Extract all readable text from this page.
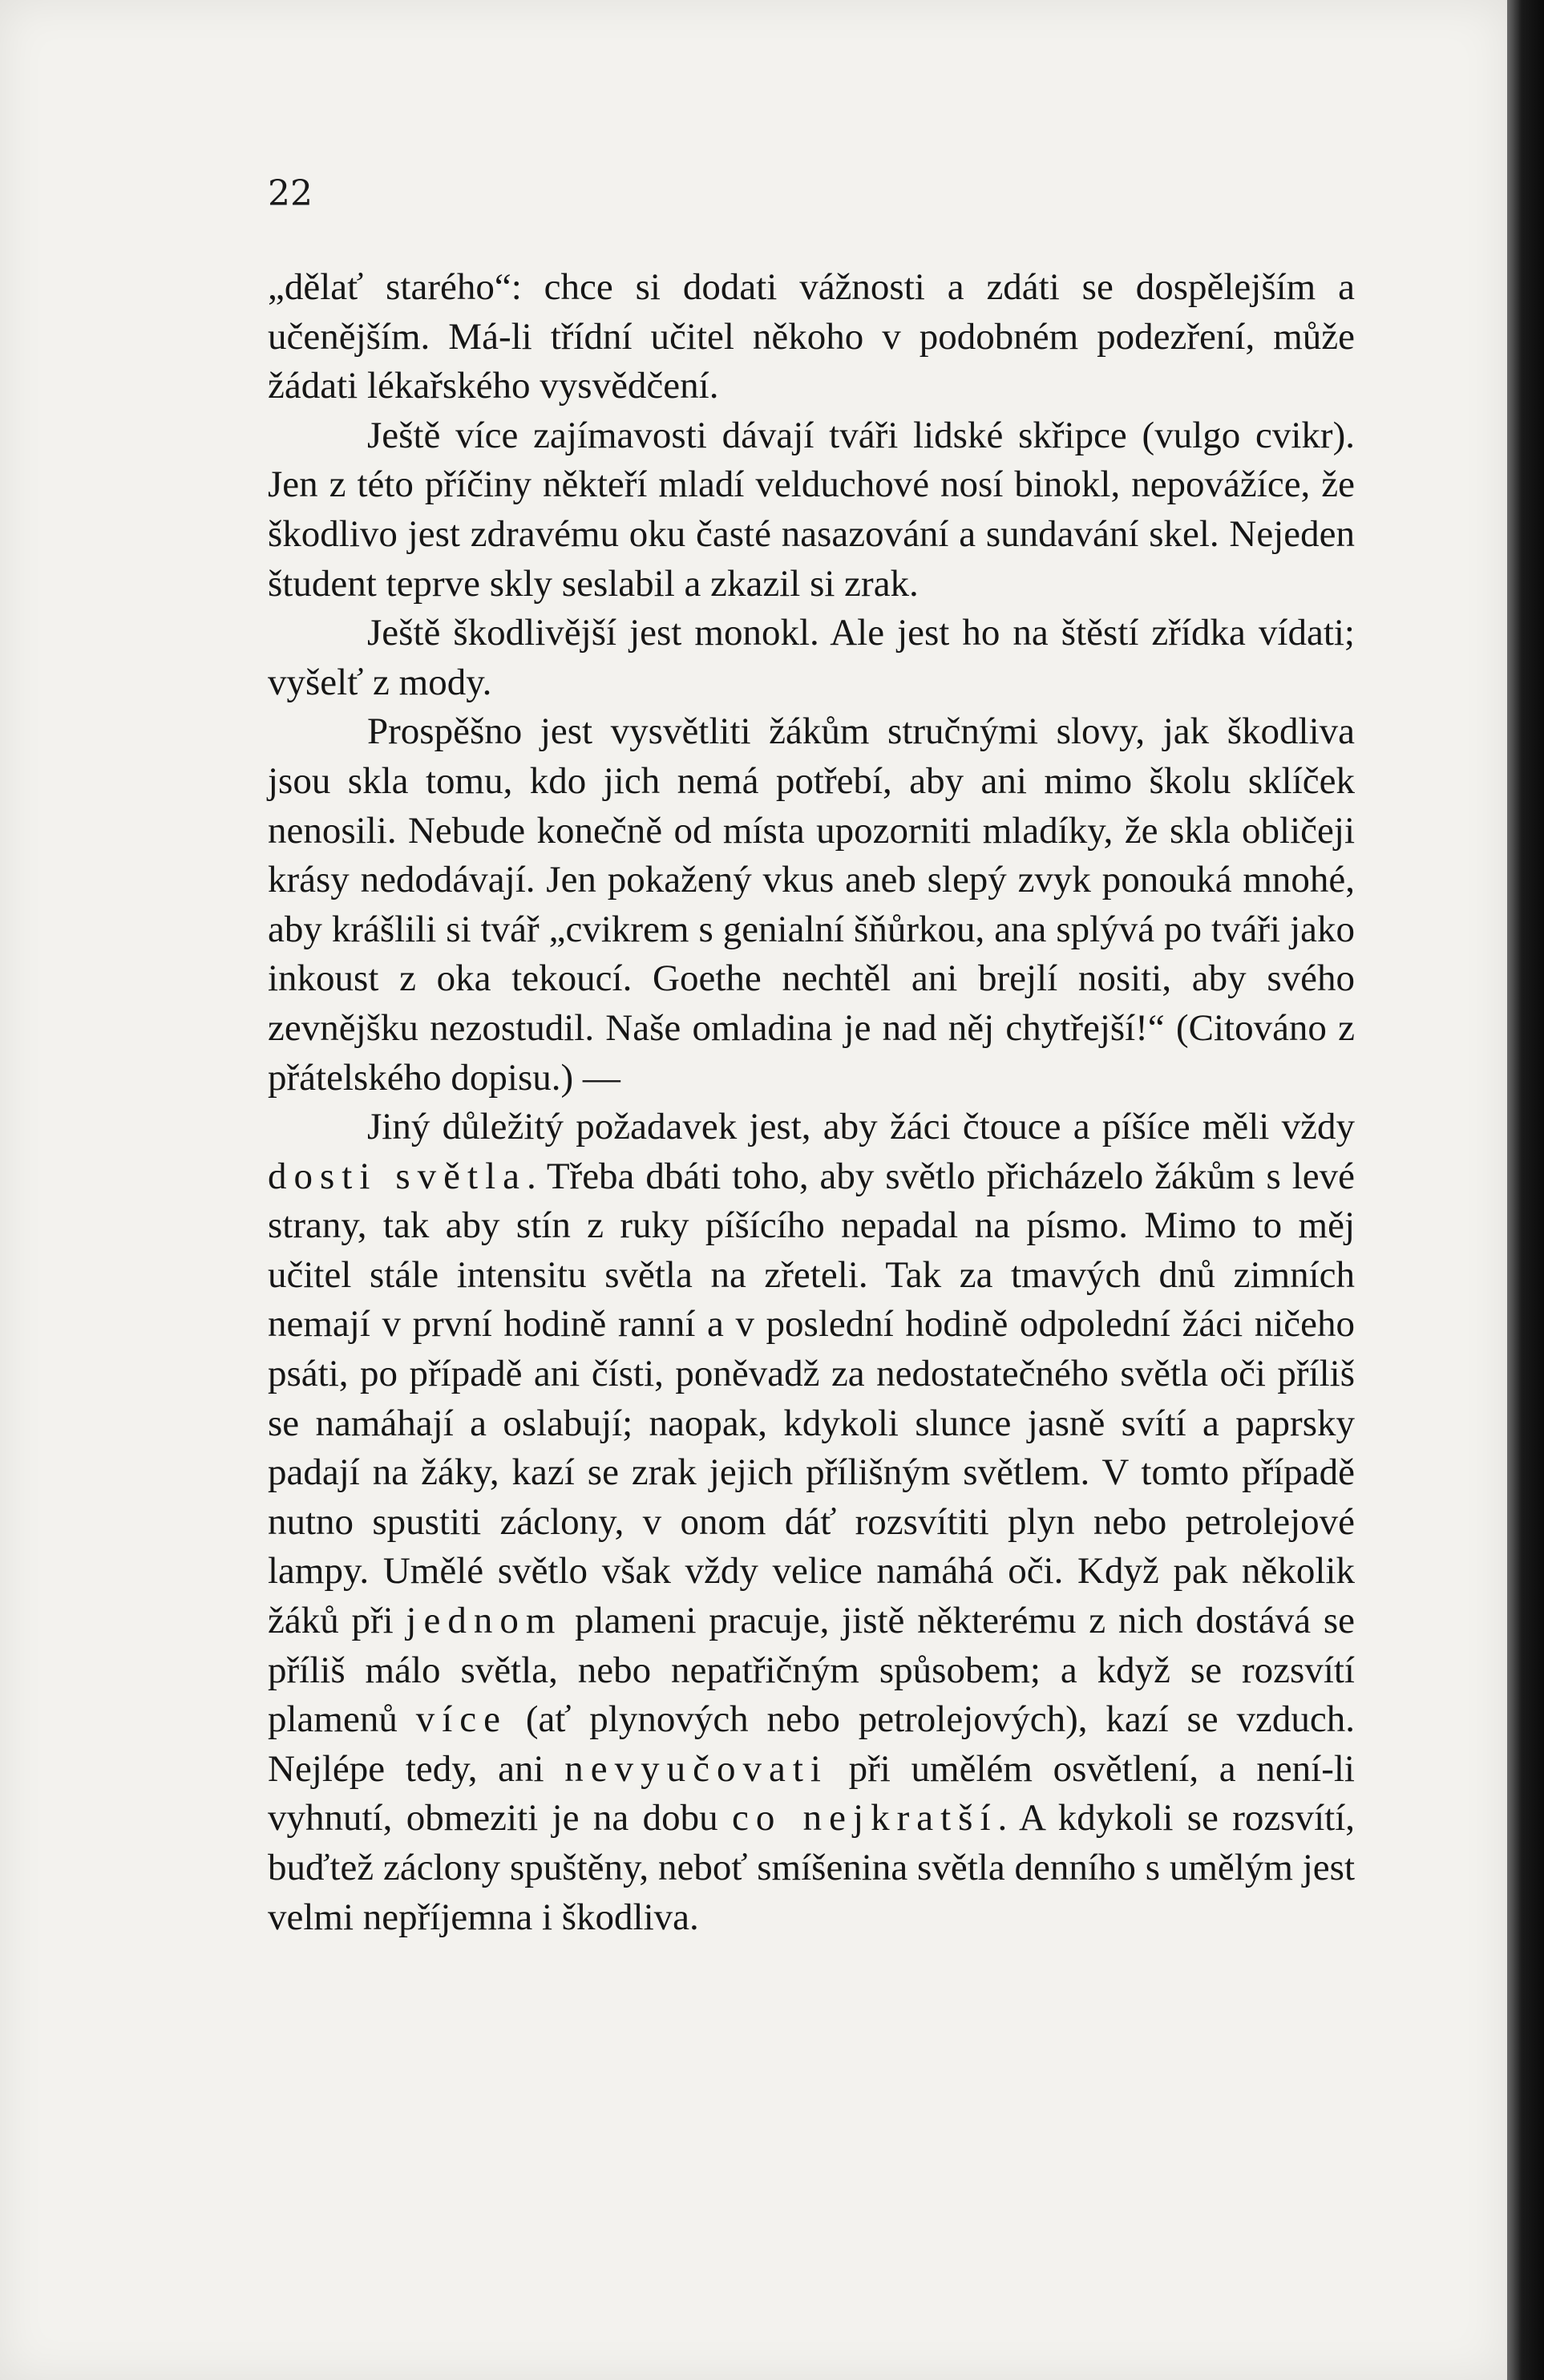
22

„dělať starého“: chce si dodati vážnosti a zdáti se dospělejším a učenějším. Má-li třídní učitel někoho v podobném podezření, může žádati lékařského vysvědčení.

Ještě více zajímavosti dávají tváři lidské skřipce (vulgo cvikr). Jen z této příčiny někteří mladí velduchové nosí binokl, nepovážíce, že škodlivo jest zdravému oku časté nasazování a sundavání skel. Nejeden študent teprve skly seslabil a zkazil si zrak.

Ještě škodlivější jest monokl. Ale jest ho na štěstí zřídka vídati; vyšelť z mody.

Prospěšno jest vysvětliti žákům stručnými slovy, jak škodliva jsou skla tomu, kdo jich nemá potřebí, aby ani mimo školu sklíček nenosili. Nebude konečně od místa upozorniti mladíky, že skla obličeji krásy nedodávají. Jen pokažený vkus aneb slepý zvyk ponouká mnohé, aby krášlili si tvář „cvikrem s genialní šňůrkou, ana splývá po tváři jako inkoust z oka tekoucí. Goethe nechtěl ani brejlí nositi, aby svého zevnějšku nezostudil. Naše omladina je nad něj chytřejší!“ (Citováno z přátelského dopisu.) —

Jiný důležitý požadavek jest, aby žáci čtouce a píšíce měli vždy dosti světla. Třeba dbáti toho, aby světlo přicházelo žákům s levé strany, tak aby stín z ruky píšícího nepadal na písmo. Mimo to měj učitel stále intensitu světla na zřeteli. Tak za tmavých dnů zimních nemají v první hodině ranní a v poslední hodině odpolední žáci ničeho psáti, po případě ani čísti, poněvadž za nedostatečného světla oči příliš se namáhají a oslabují; naopak, kdykoli slunce jasně svítí a paprsky padají na žáky, kazí se zrak jejich přílišným světlem. V tomto případě nutno spustiti záclony, v onom dáť rozsvítiti plyn nebo petrolejové lampy. Umělé světlo však vždy velice namáhá oči. Když pak několik žáků při jednom plameni pracuje, jistě některému z nich dostává se příliš málo světla, nebo nepatřičným spůsobem; a když se rozsvítí plamenů více (ať plynových nebo petrolejových), kazí se vzduch. Nejlépe tedy, ani nevyučovati při umělém osvětlení, a není-li vyhnutí, obmeziti je na dobu co nejkratší. A kdykoli se rozsvítí, buďtež záclony spuštěny, neboť smíšenina světla denního s umělým jest velmi nepříjemna i škodliva.
